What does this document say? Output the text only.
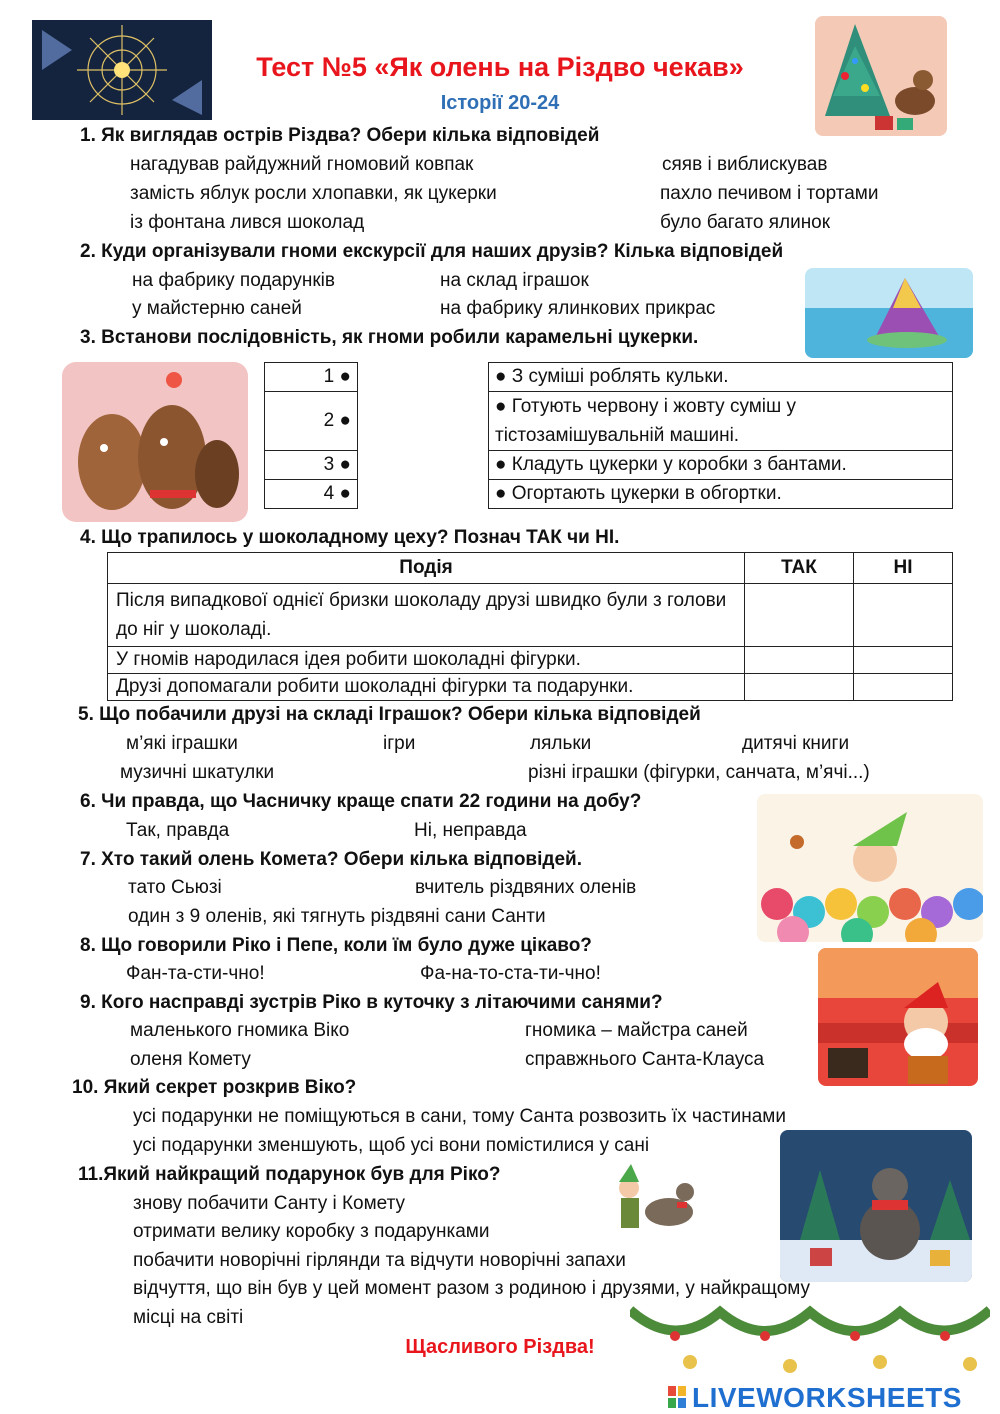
Тест №5 «Як олень на Різдво чекав»
Історії 20-24
1. Як виглядав острів Різдва? Обери кілька відповідей
нагадував райдужний гномовий ковпак	сяяв і виблискував
замість яблук росли хлопавки, як цукерки	пахло печивом і тортами
із фонтана лився шоколад	було багато ялинок
2. Куди організували гноми екскурсії для наших друзів? Кілька відповідей
на фабрику подарунків	на склад іграшок
у майстерню саней	на фабрику ялинкових прикрас
3. Встанови послідовність, як гноми робили карамельні цукерки.
1 ●		● З суміші роблять кульки.
2 ●		● Готують червону і жовту суміш у тістозамішувальній машині.
3 ●		● Кладуть цукерки у коробки з бантами.
4 ●		● Огортають цукерки в обгортки.
4. Що трапилось у шоколадному цеху? Познач ТАК чи НІ.
Подія	ТАК	НІ
Після випадкової однієї бризки шоколаду друзі швидко були з голови до ніг у шоколаді.		
У гномів народилася ідея робити шоколадні фігурки.		
Друзі допомагали робити шоколадні фігурки та подарунки.		
5. Що побачили друзі на складі Іграшок? Обери кілька відповідей
м’які іграшки	ігри	ляльки	дитячі книги
музичні шкатулки	різні іграшки (фігурки, санчата, м’ячі...)
6. Чи правда, що Часничку краще спати 22 години на добу?
Так, правда	Ні, неправда
7. Хто такий олень Комета? Обери кілька відповідей.
тато Сьюзі	вчитель різдвяних оленів
один з 9 оленів, які тягнуть різдвяні сани Санти
8. Що говорили Ріко і Пепе, коли їм було дуже цікаво?
Фан-та-сти-чно!	Фа-на-то-ста-ти-чно!
9. Кого насправді зустрів Ріко в куточку з літаючими санями?
маленького гномика Віко	гномика – майстра саней
оленя Комету	справжнього Санта-Клауса
10. Який секрет розкрив Віко?
усі подарунки не поміщуються в сани, тому Санта розвозить їх частинами
усі подарунки зменшують, щоб усі вони помістилися у сані
11.Який найкращий подарунок був для Ріко?
знову побачити Санту і Комету
отримати велику коробку з подарунками
побачити новорічні гірлянди та відчути новорічні запахи
відчуття, що він був у цей момент разом з родиною і друзями, у найкращому
місці на світі
Щасливого Різдва!
LIVEWORKSHEETS
